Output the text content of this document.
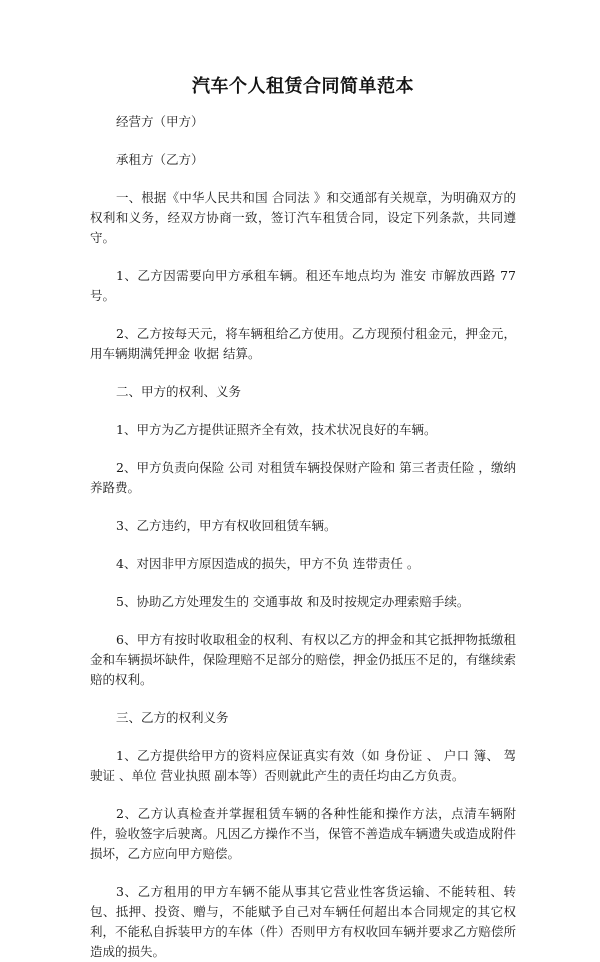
汽车个人租赁合同简单范本

经营方（甲方）

承租方（乙方）

一、根据《中华人民共和国 合同法 》和交通部有关规章，为明确双方的权利和义务，经双方协商一致，签订汽车租赁合同，设定下列条款，共同遵守。

1、乙方因需要向甲方承租车辆。租还车地点均为 淮安 市解放西路 77 号。

2、乙方按每天元，将车辆租给乙方使用。乙方现预付租金元，押金元，用车辆期满凭押金 收据 结算。

二、甲方的权利、义务

1、甲方为乙方提供证照齐全有效，技术状况良好的车辆。

2、甲方负责向保险 公司 对租赁车辆投保财产险和 第三者责任险 ，缴纳养路费。

3、乙方违约，甲方有权收回租赁车辆。

4、对因非甲方原因造成的损失，甲方不负 连带责任 。

5、协助乙方处理发生的 交通事故 和及时按规定办理索赔手续。

6、甲方有按时收取租金的权利、有权以乙方的押金和其它抵押物抵缴租金和车辆损坏缺件，保险理赔不足部分的赔偿，押金仍抵压不足的，有继续索赔的权利。

三、乙方的权利义务

1、乙方提供给甲方的资料应保证真实有效（如 身份证 、 户口 簿、 驾驶证 、单位 营业执照 副本等）否则就此产生的责任均由乙方负责。

2、乙方认真检查并掌握租赁车辆的各种性能和操作方法，点清车辆附件，验收签字后驶离。凡因乙方操作不当，保管不善造成车辆遗失或造成附件损坏，乙方应向甲方赔偿。

3、乙方租用的甲方车辆不能从事其它营业性客货运输、不能转租、转包、抵押、投资、赠与，不能赋予自己对车辆任何超出本合同规定的其它权利，不能私自拆装甲方的车体（件）否则甲方有权收回车辆并要求乙方赔偿所造成的损失。
